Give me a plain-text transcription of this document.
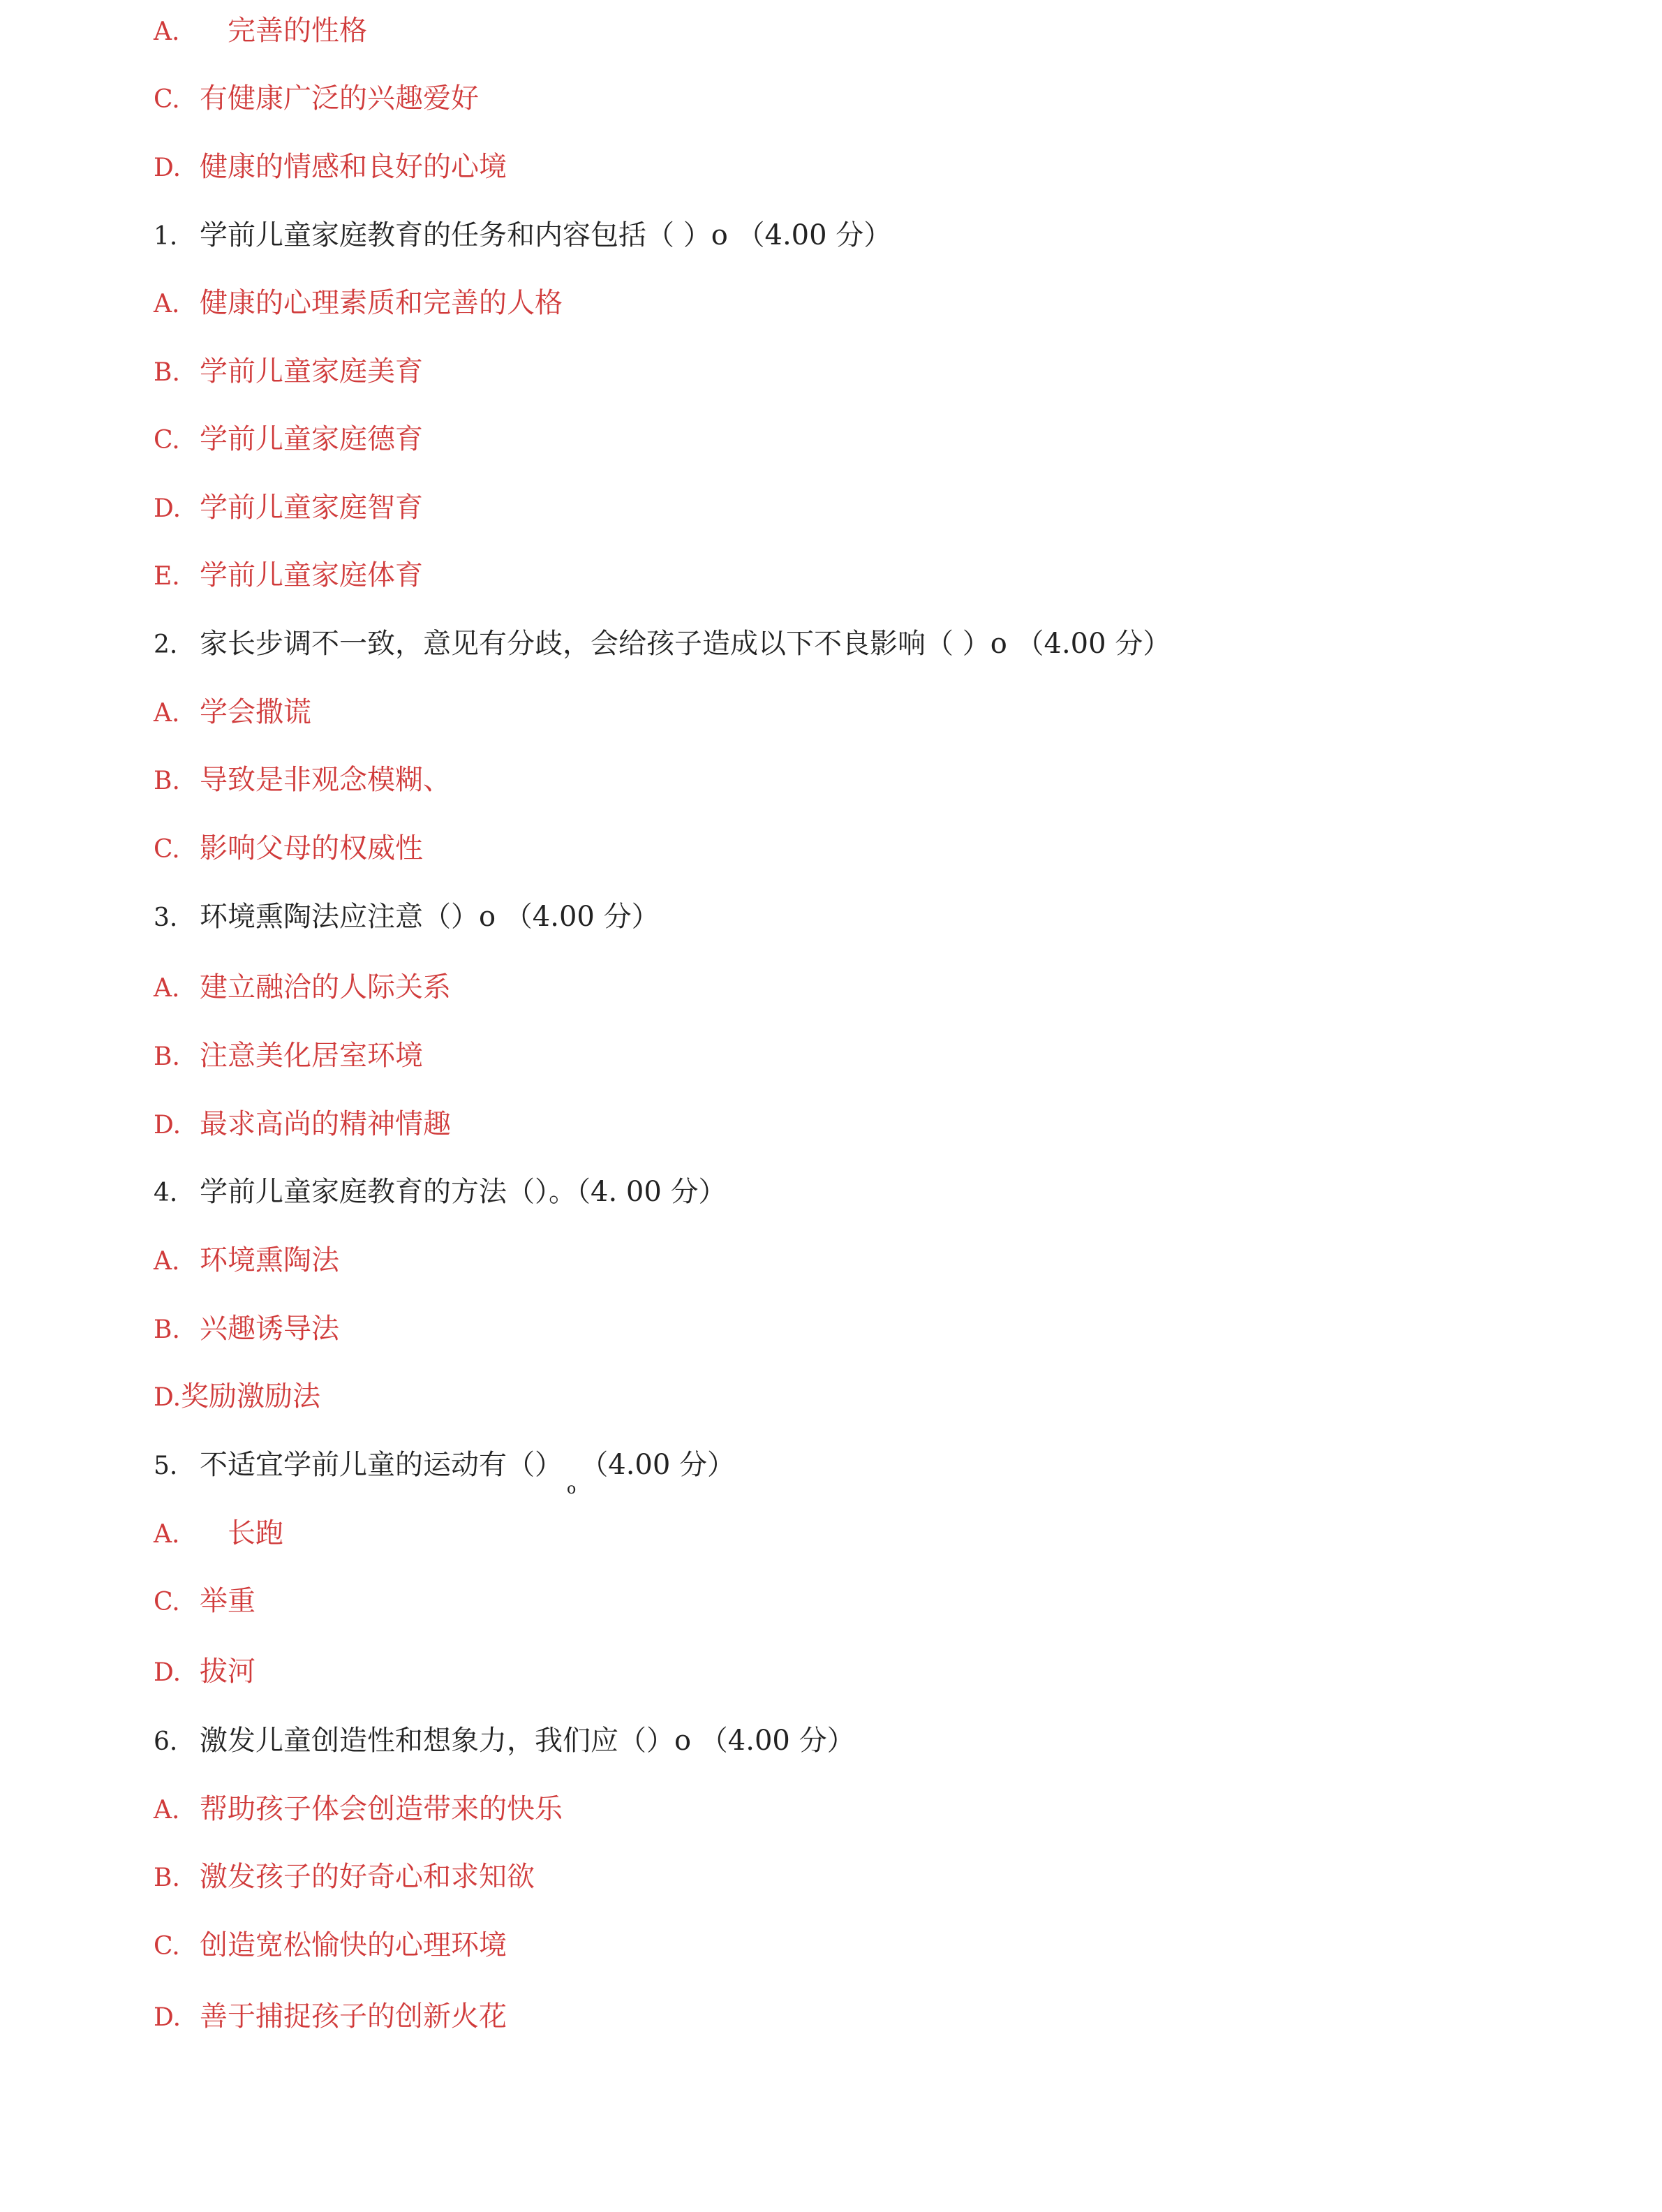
A. 完善的性格
C. 有健康广泛的兴趣爱好
D. 健康的情感和良好的心境
1. 学前儿童家庭教育的任务和内容包括（ ）o （4.00 分）
A. 健康的心理素质和完善的人格
B. 学前儿童家庭美育
C. 学前儿童家庭德育
D. 学前儿童家庭智育
E. 学前儿童家庭体育
2. 家长步调不一致，意见有分歧，会给孩子造成以下不良影响（ ）o （4.00 分）
A. 学会撒谎
B. 导致是非观念模糊、
C. 影响父母的权威性
3. 环境熏陶法应注意（）o （4.00 分）
A. 建立融洽的人际关系
B. 注意美化居室环境
D. 最求高尚的精神情趣
4. 学前儿童家庭教育的方法（）。（4. 00 分）
A. 环境熏陶法
B. 兴趣诱导法
D.奖励激励法
5. 不适宜学前儿童的运动有$()_o(4.00$ 分）
A. 长跑
C. 举重
D. 拔河
6. 激发儿童创造性和想象力，我们应（）o （4.00 分）
A. 帮助孩子体会创造带来的快乐
B. 激发孩子的好奇心和求知欲
C. 创造宽松愉快的心理环境
D. 善于捕捉孩子的创新火花
